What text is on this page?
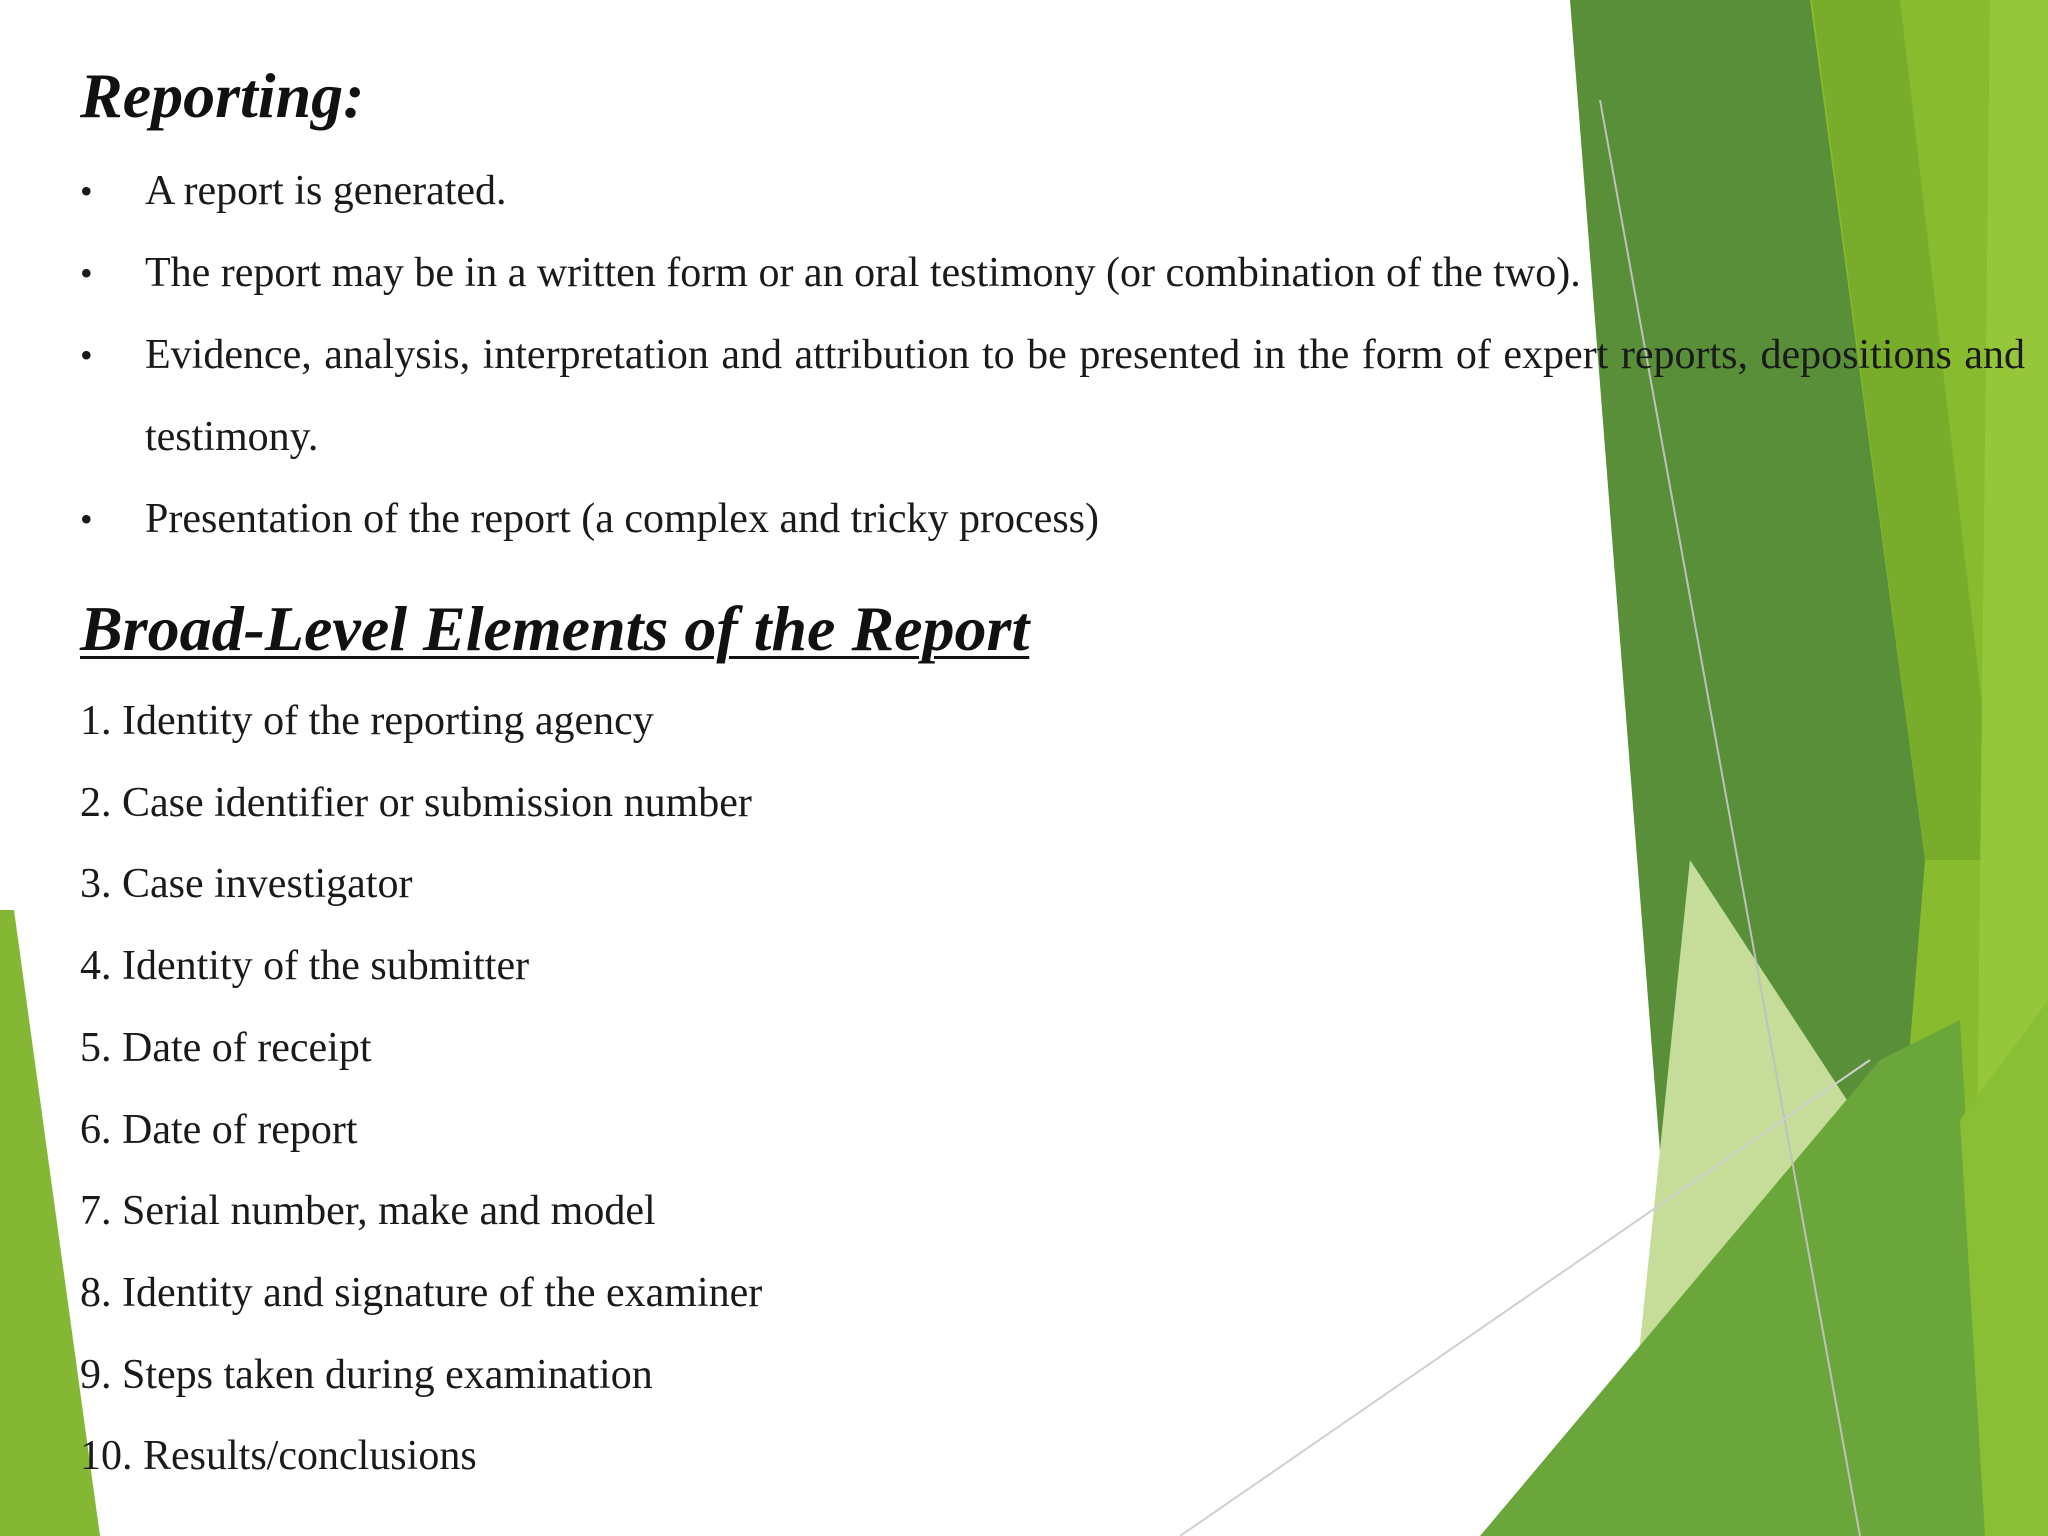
Reporting:
•	A report is generated.
•	The report may be in a written form or an oral testimony (or combination of the two).
•	Evidence, analysis, interpretation and attribution to be presented in the form of expert reports, depositions and testimony.
•	Presentation of the report (a complex and tricky process)
Broad-Level Elements of the Report
1. Identity of the reporting agency
2. Case identifier or submission number
3. Case investigator
4. Identity of the submitter
5. Date of receipt
6. Date of report
7. Serial number, make and model
8. Identity and signature of the examiner
9. Steps taken during examination
10. Results/conclusions
